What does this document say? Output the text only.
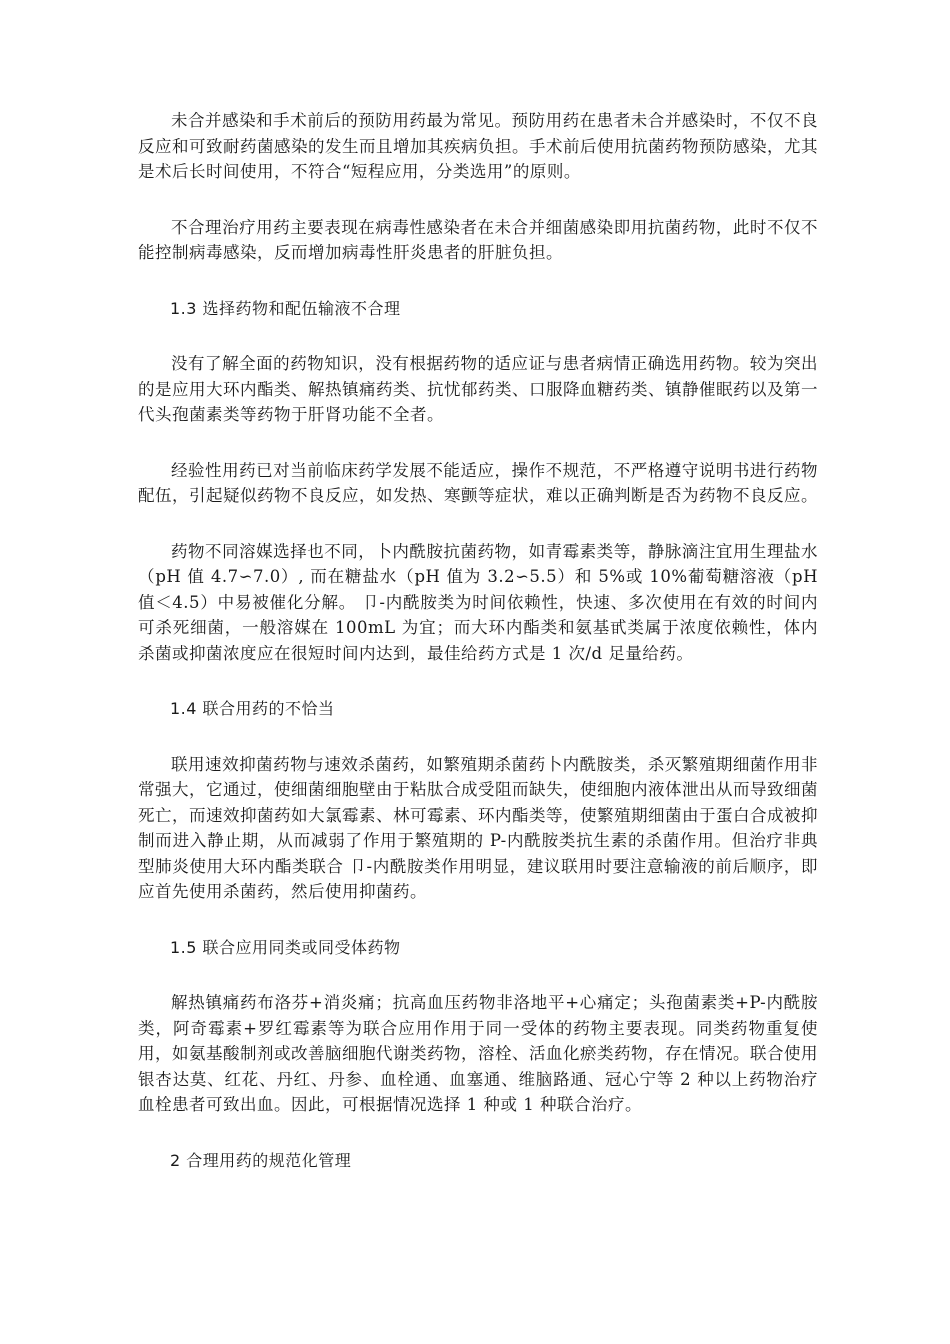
未合并感染和手术前后的预防用药最为常见。预防用药在患者未合并感染时，不仅不良反应和可致耐药菌感染的发生而且增加其疾病负担。手术前后使用抗菌药物预防感染，尤其是术后长时间使用，不符合“短程应用，分类选用”的原则。

不合理治疗用药主要表现在病毒性感染者在未合并细菌感染即用抗菌药物，此时不仅不能控制病毒感染，反而增加病毒性肝炎患者的肝脏负担。

1.3 选择药物和配伍输液不合理

没有了解全面的药物知识，没有根据药物的适应证与患者病情正确选用药物。较为突出的是应用大环内酯类、解热镇痛药类、抗忧郁药类、口服降血糖药类、镇静催眠药以及第一代头孢菌素类等药物于肝肾功能不全者。

经验性用药已对当前临床药学发展不能适应，操作不规范，不严格遵守说明书进行药物配伍，引起疑似药物不良反应，如发热、寒颤等症状，难以正确判断是否为药物不良反应。

药物不同溶媒选择也不同，卜内酰胺抗菌药物，如青霉素类等，静脉滴注宜用生理盐水（pH 值 4.7∽7.0）, 而在糖盐水（pH 值为 3.2∽5.5）和 5%或 10%葡萄糖溶液（pH 值＜4.5）中易被催化分解。 卩-内酰胺类为时间依赖性，快速、多次使用在有效的时间内可杀死细菌，一般溶媒在 100mL 为宜；而大环内酯类和氨基甙类属于浓度依赖性，体内杀菌或抑菌浓度应在很短时间内达到，最佳给药方式是 1 次/d 足量给药。

1.4 联合用药的不恰当

联用速效抑菌药物与速效杀菌药，如繁殖期杀菌药卜内酰胺类，杀灭繁殖期细菌作用非常强大，它通过，使细菌细胞壁由于粘肽合成受阻而缺失，使细胞内液体泄出从而导致细菌死亡，而速效抑菌药如大氯霉素、林可霉素、环内酯类等，使繁殖期细菌由于蛋白合成被抑制而进入静止期，从而减弱了作用于繁殖期的 P-内酰胺类抗生素的杀菌作用。但治疗非典型肺炎使用大环内酯类联合 卩-内酰胺类作用明显，建议联用时要注意输液的前后顺序，即应首先使用杀菌药，然后使用抑菌药。

1.5 联合应用同类或同受体药物

解热镇痛药布洛芬+消炎痛；抗高血压药物非洛地平+心痛定；头孢菌素类+P-内酰胺类，阿奇霉素+罗红霉素等为联合应用作用于同一受体的药物主要表现。同类药物重复使用，如氨基酸制剂或改善脑细胞代谢类药物，溶栓、活血化瘀类药物，存在情况。联合使用银杏达莫、红花、丹红、丹参、血栓通、血塞通、维脑路通、冠心宁等 2 种以上药物治疗血栓患者可致出血。因此，可根据情况选择 1 种或 1 种联合治疗。

2 合理用药的规范化管理
